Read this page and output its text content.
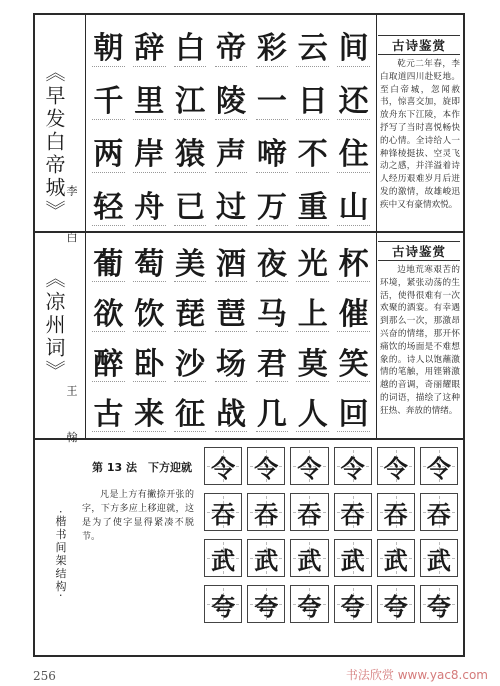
《早发白帝城》 李 白
朝 辞 白 帝 彩 云 间
千 里 江 陵 一 日 还
两 岸 猿 声 啼 不 住
轻 舟 已 过 万 重 山
古诗鉴赏
乾元二年春，李白取道四川赴贬地。至白帝城，忽闻赦书，惊喜交加，旋即放舟东下江陵，本作抒写了当时喜悦畅快的心情。全诗给人一种锋棱挺拔、空灵飞动之感，并洋溢着诗人经历艰难岁月后迸发的激情，故雄峻迅疾中又有豪情欢悦。
《凉州词》
王 翰
葡 萄 美 酒 夜 光 杯
欲 饮 琵 琶 马 上 催
醉 卧 沙 场 君 莫 笑
古 来 征 战 几 人 回
古诗鉴赏
边地荒寒艰苦的环境，紧张动荡的生活，使得很难有一次欢聚的酒宴。有幸遇到那么一次，那激昂兴奋的情绪，那开怀痛饮的场面是不难想象的。诗人以饱蘸激情的笔触，用铿锵激越的音调，奇丽耀眼的词语，描绘了这种狂热、奔放的情绪。
第 13 法　下方迎就
·楷书间架结构·
凡是上方有撇捺开张的字，下方多应上移迎就，这是为了使字显得紧凑不脱节。
令 令 令 令 令 令
吞 吞 吞 吞 吞 吞
武 武 武 武 武 武
夸 夸 夸 夸 夸 夸
256	书法欣赏 www.yac8.com
